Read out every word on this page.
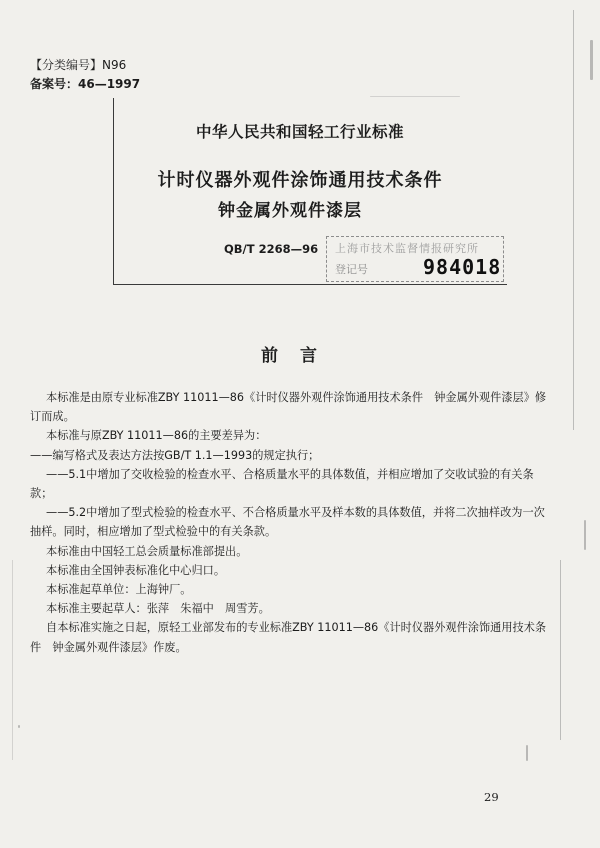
【分类编号】N96
备案号：46—1997
中华人民共和国轻工行业标准
计时仪器外观件涂饰通用技术条件
钟金属外观件漆层
QB/T 2268—96 上海市技术监督情报研究所
登记号	984018
前言

本标准是由原专业标准ZBY 11011—86《计时仪器外观件涂饰通用技术条件　钟金属外观件漆层》修订而成。

本标准与原ZBY 11011—86的主要差异为：

——编写格式及表达方法按GB/T 1.1—1993的规定执行；

——5.1中增加了交收检验的检查水平、合格质量水平的具体数值，并相应增加了交收试验的有关条款；

——5.2中增加了型式检验的检查水平、不合格质量水平及样本数的具体数值，并将二次抽样改为一次抽样。同时，相应增加了型式检验中的有关条款。

本标准由中国轻工总会质量标准部提出。

本标准由全国钟表标准化中心归口。

本标准起草单位：上海钟厂。

本标准主要起草人：张萍　朱福中　周雪芳。

自本标准实施之日起，原轻工业部发布的专业标准ZBY 11011—86《计时仪器外观件涂饰通用技术条件　钟金属外观件漆层》作废。

29
